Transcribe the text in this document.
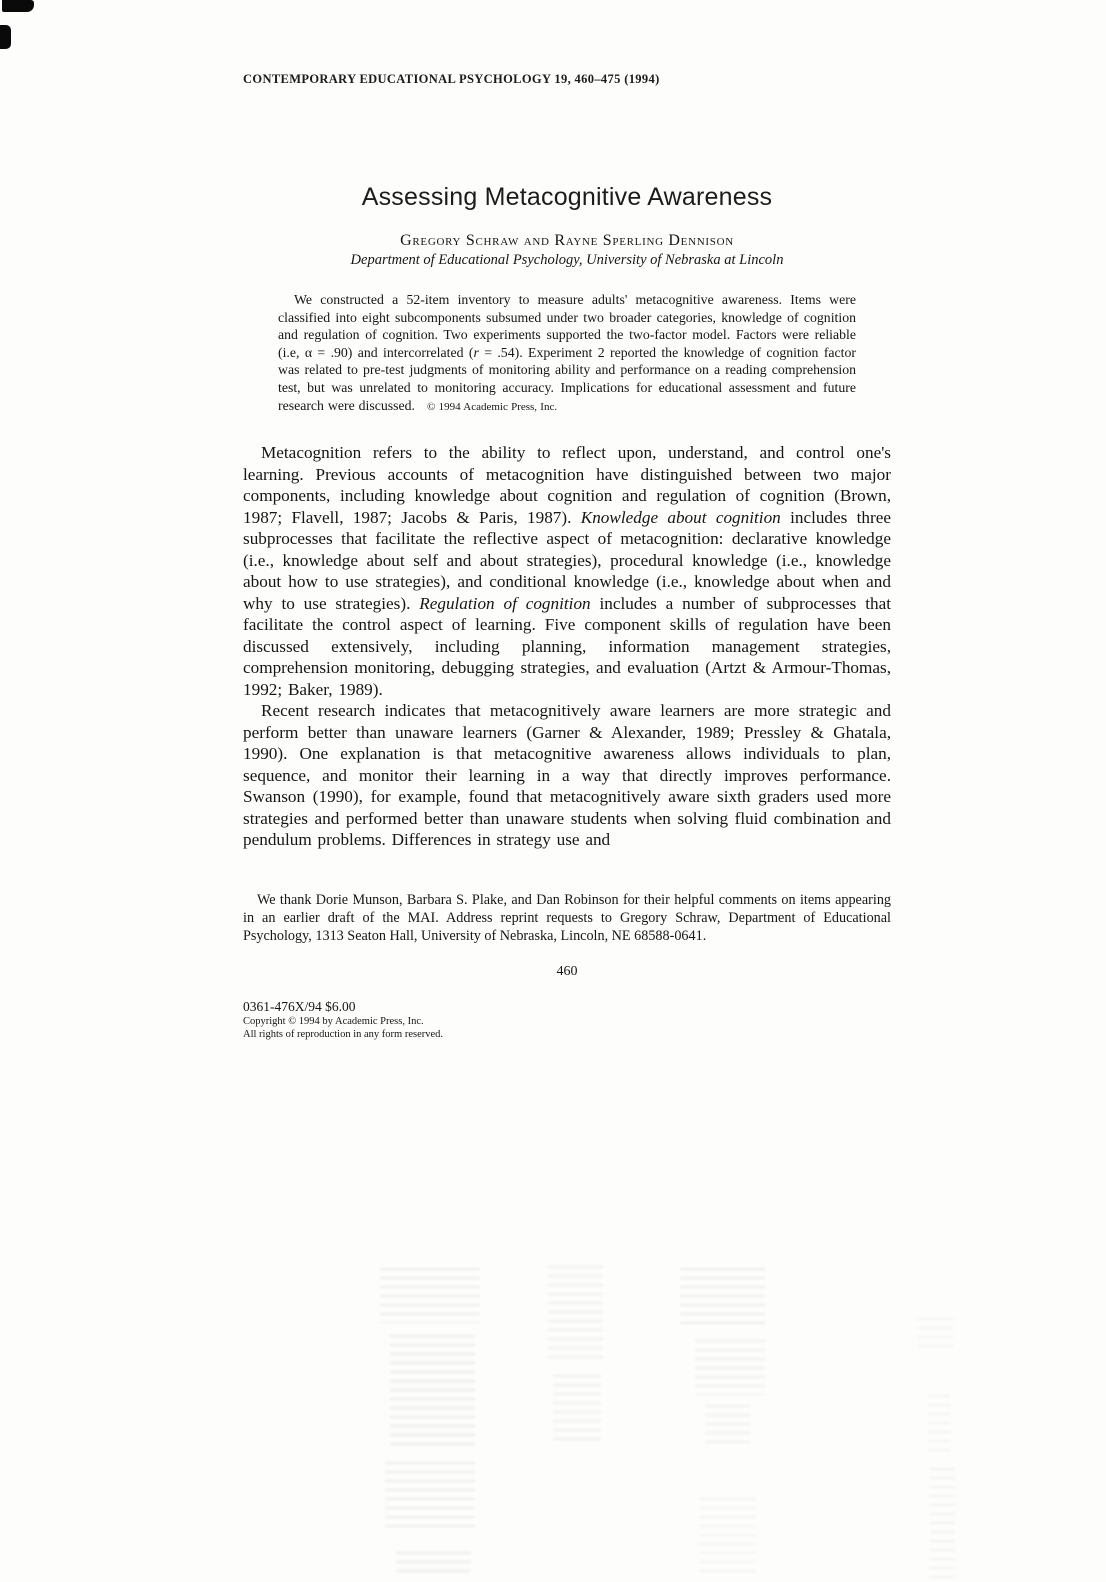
CONTEMPORARY EDUCATIONAL PSYCHOLOGY 19, 460–475 (1994)
Assessing Metacognitive Awareness
Gregory Schraw and Rayne Sperling Dennison
Department of Educational Psychology, University of Nebraska at Lincoln
We constructed a 52-item inventory to measure adults' metacognitive awareness. Items were classified into eight subcomponents subsumed under two broader categories, knowledge of cognition and regulation of cognition. Two experiments supported the two-factor model. Factors were reliable (i.e, α = .90) and intercorrelated (r = .54). Experiment 2 reported the knowledge of cognition factor was related to pre-test judgments of monitoring ability and performance on a reading comprehension test, but was unrelated to monitoring accuracy. Implications for educational assessment and future research were discussed. © 1994 Academic Press, Inc.

Metacognition refers to the ability to reflect upon, understand, and control one's learning. Previous accounts of metacognition have distinguished between two major components, including knowledge about cognition and regulation of cognition (Brown, 1987; Flavell, 1987; Jacobs & Paris, 1987). Knowledge about cognition includes three subprocesses that facilitate the reflective aspect of metacognition: declarative knowledge (i.e., knowledge about self and about strategies), procedural knowledge (i.e., knowledge about how to use strategies), and conditional knowledge (i.e., knowledge about when and why to use strategies). Regulation of cognition includes a number of subprocesses that facilitate the control aspect of learning. Five component skills of regulation have been discussed extensively, including planning, information management strategies, comprehension monitoring, debugging strategies, and evaluation (Artzt & Armour-Thomas, 1992; Baker, 1989).

Recent research indicates that metacognitively aware learners are more strategic and perform better than unaware learners (Garner & Alexander, 1989; Pressley & Ghatala, 1990). One explanation is that metacognitive awareness allows individuals to plan, sequence, and monitor their learning in a way that directly improves performance. Swanson (1990), for example, found that metacognitively aware sixth graders used more strategies and performed better than unaware students when solving fluid combination and pendulum problems. Differences in strategy use and

We thank Dorie Munson, Barbara S. Plake, and Dan Robinson for their helpful comments on items appearing in an earlier draft of the MAI. Address reprint requests to Gregory Schraw, Department of Educational Psychology, 1313 Seaton Hall, University of Nebraska, Lincoln, NE 68588-0641.
460
0361-476X/94 $6.00
Copyright © 1994 by Academic Press, Inc.
All rights of reproduction in any form reserved.
